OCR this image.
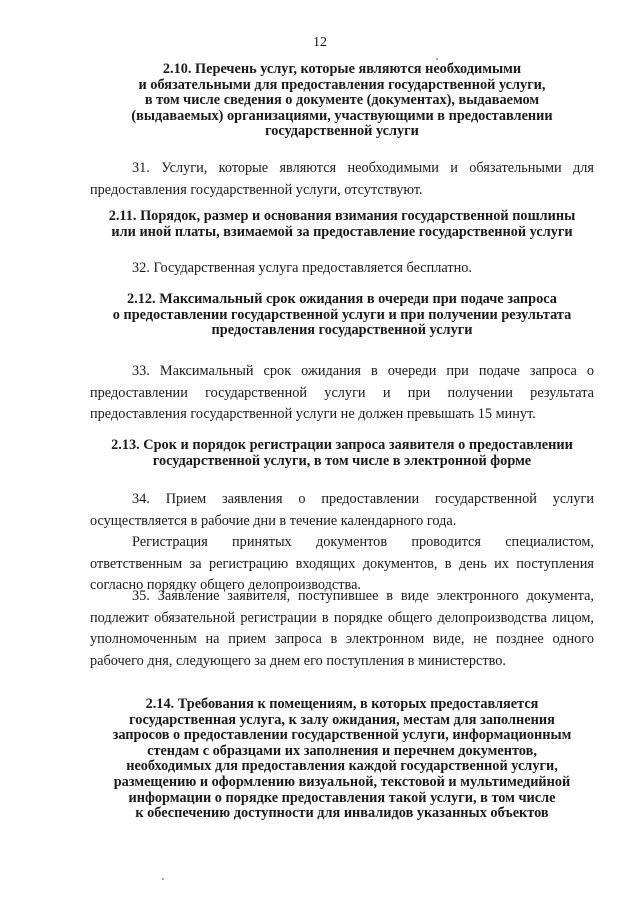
12
2.10. Перечень услуг, которые являются необходимыми
и обязательными для предоставления государственной услуги,
в том числе сведения о документе (документах), выдаваемом
(выдаваемых) организациями, участвующими в предоставлении
государственной услуги
31. Услуги, которые являются необходимыми и обязательными для предоставления государственной услуги, отсутствуют.
2.11. Порядок, размер и основания взимания государственной пошлины
или иной платы, взимаемой за предоставление государственной услуги
32. Государственная услуга предоставляется бесплатно.
2.12. Максимальный срок ожидания в очереди при подаче запроса
о предоставлении государственной услуги и при получении результата
предоставления государственной услуги
33. Максимальный срок ожидания в очереди при подаче запроса о предоставлении государственной услуги и при получении результата предоставления государственной услуги не должен превышать 15 минут.
2.13. Срок и порядок регистрации запроса заявителя о предоставлении
государственной услуги, в том числе в электронной форме
34. Прием заявления о предоставлении государственной услуги осуществляется в рабочие дни в течение календарного года.
Регистрация принятых документов проводится специалистом, ответственным за регистрацию входящих документов, в день их поступления согласно порядку общего делопроизводства.
35. Заявление заявителя, поступившее в виде электронного документа, подлежит обязательной регистрации в порядке общего делопроизводства лицом, уполномоченным на прием запроса в электронном виде, не позднее одного рабочего дня, следующего за днем его поступления в министерство.
2.14. Требования к помещениям, в которых предоставляется
государственная услуга, к залу ожидания, местам для заполнения
запросов о предоставлении государственной услуги, информационным
стендам с образцами их заполнения и перечнем документов,
необходимых для предоставления каждой государственной услуги,
размещению и оформлению визуальной, текстовой и мультимедийной
информации о порядке предоставления такой услуги, в том числе
к обеспечению доступности для инвалидов указанных объектов
